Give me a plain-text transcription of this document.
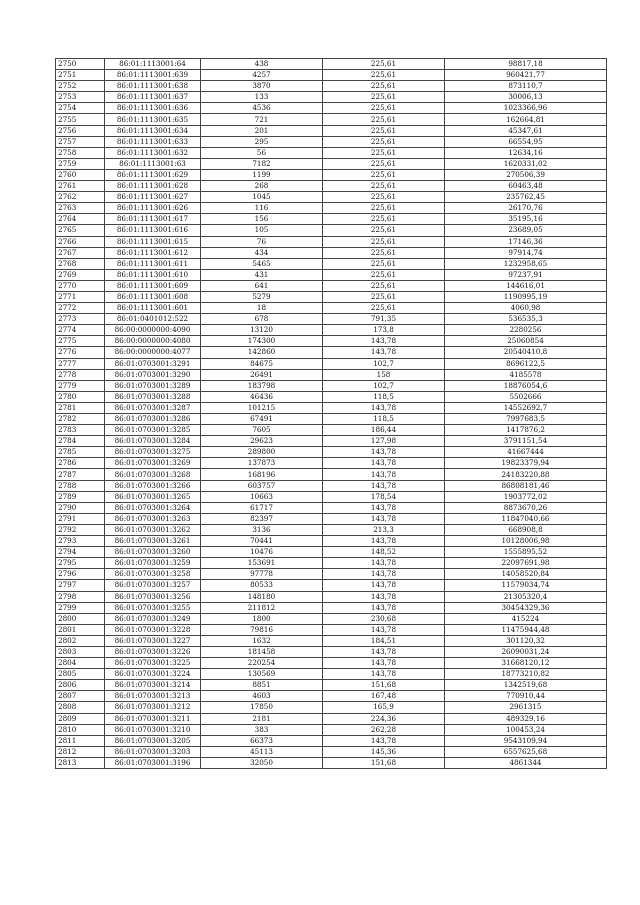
2750	86:01:1113001:64	438	225,61	98817,18
2751	86:01:1113001:639	4257	225,61	960421,77
2752	86:01:1113001:638	3870	225,61	873110,7
2753	86:01:1113001:637	133	225,61	30006,13
2754	86:01:1113001:636	4536	225,61	1023366,96
2755	86:01:1113001:635	721	225,61	162664,81
2756	86:01:1113001:634	201	225,61	45347,61
2757	86:01:1113001:633	295	225,61	66554,95
2758	86:01:1113001:632	56	225,61	12634,16
2759	86:01:1113001:63	7182	225,61	1620331,02
2760	86:01:1113001:629	1199	225,61	270506,39
2761	86:01:1113001:628	268	225,61	60463,48
2762	86:01:1113001:627	1045	225,61	235762,45
2763	86:01:1113001:626	116	225,61	26170,76
2764	86:01:1113001:617	156	225,61	35195,16
2765	86:01:1113001:616	105	225,61	23689,05
2766	86:01:1113001:615	76	225,61	17146,36
2767	86:01:1113001:612	434	225,61	97914,74
2768	86:01:1113001:611	5465	225,61	1232958,65
2769	86:01:1113001:610	431	225,61	97237,91
2770	86:01:1113001:609	641	225,61	144616,01
2771	86:01:1113001:608	5279	225,61	1190995,19
2772	86:01:1113001:601	18	225,61	4060,98
2773	86:01:0401012:522	678	791,35	536535,3
2774	86:00:0000000:4090	13120	173,8	2280256
2775	86:00:0000000:4080	174300	143,78	25060854
2776	86:00:0000000:4077	142860	143,78	20540410,8
2777	86:01:0703001:3291	84675	102,7	8696122,5
2778	86:01:0703001:3290	26491	158	4185578
2779	86:01:0703001:3289	183798	102,7	18876054,6
2780	86:01:0703001:3288	46436	118,5	5502666
2781	86:01:0703001:3287	101215	143,78	14552692,7
2782	86:01:0703001:3286	67491	118,5	7997683,5
2783	86:01:0703001:3285	7605	186,44	1417876,2
2784	86:01:0703001:3284	29623	127,98	3791151,54
2785	86:01:0703001:3275	289800	143,78	41667444
2786	86:01:0703001:3269	137873	143,78	19823379,94
2787	86:01:0703001:3268	168196	143,78	24183220,88
2788	86:01:0703001:3266	603757	143,78	86808181,46
2789	86:01:0703001:3265	10663	178,54	1903772,02
2790	86:01:0703001:3264	61717	143,78	8873670,26
2791	86:01:0703001:3263	82397	143,78	11847040,66
2792	86:01:0703001:3262	3136	213,3	668908,8
2793	86:01:0703001:3261	70441	143,78	10128006,98
2794	86:01:0703001:3260	10476	148,52	1555895,52
2795	86:01:0703001:3259	153691	143,78	22097691,98
2796	86:01:0703001:3258	97778	143,78	14058520,84
2797	86:01:0703001:3257	80533	143,78	11579034,74
2798	86:01:0703001:3256	148180	143,78	21305320,4
2799	86:01:0703001:3255	211812	143,78	30454329,36
2800	86:01:0703001:3249	1800	230,68	415224
2801	86:01:0703001:3228	79816	143,78	11475944,48
2802	86:01:0703001:3227	1632	184,51	301120,32
2803	86:01:0703001:3226	181458	143,78	26090031,24
2804	86:01:0703001:3225	220254	143,78	31668120,12
2805	86:01:0703001:3224	130569	143,78	18773210,82
2806	86:01:0703001:3214	8851	151,68	1342519,68
2807	86:01:0703001:3213	4603	167,48	770910,44
2808	86:01:0703001:3212	17850	165,9	2961315
2809	86:01:0703001:3211	2181	224,36	489329,16
2810	86:01:0703001:3210	383	262,28	100453,24
2811	86:01:0703001:3205	66373	143,78	9543109,94
2812	86:01:0703001:3203	45113	145,36	6557625,68
2813	86:01:0703001:3196	32050	151,68	4861344
